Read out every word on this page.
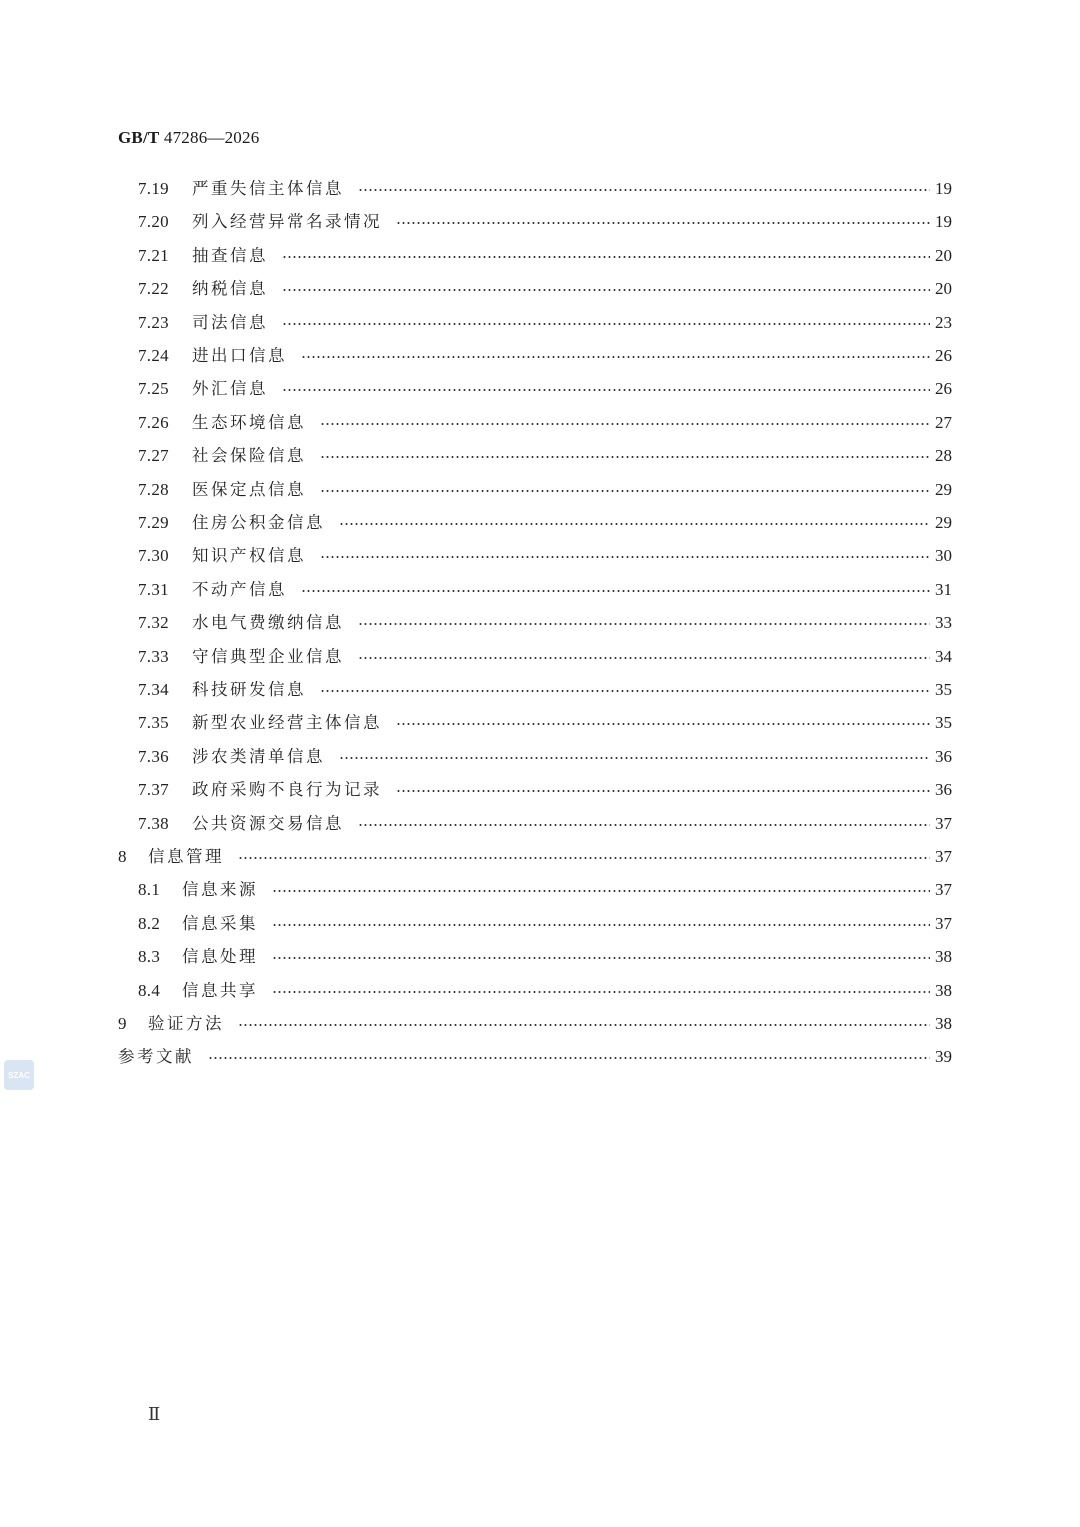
GB/T 47286—2026
7.19	严重失信主体信息	19
7.20	列入经营异常名录情况	19
7.21	抽查信息	20
7.22	纳税信息	20
7.23	司法信息	23
7.24	进出口信息	26
7.25	外汇信息	26
7.26	生态环境信息	27
7.27	社会保险信息	28
7.28	医保定点信息	29
7.29	住房公积金信息	29
7.30	知识产权信息	30
7.31	不动产信息	31
7.32	水电气费缴纳信息	33
7.33	守信典型企业信息	34
7.34	科技研发信息	35
7.35	新型农业经营主体信息	35
7.36	涉农类清单信息	36
7.37	政府采购不良行为记录	36
7.38	公共资源交易信息	37
8	信息管理	37
8.1	信息来源	37
8.2	信息采集	37
8.3	信息处理	38
8.4	信息共享	38
9	验证方法	38
参考文献	39
SZAC
Ⅱ
